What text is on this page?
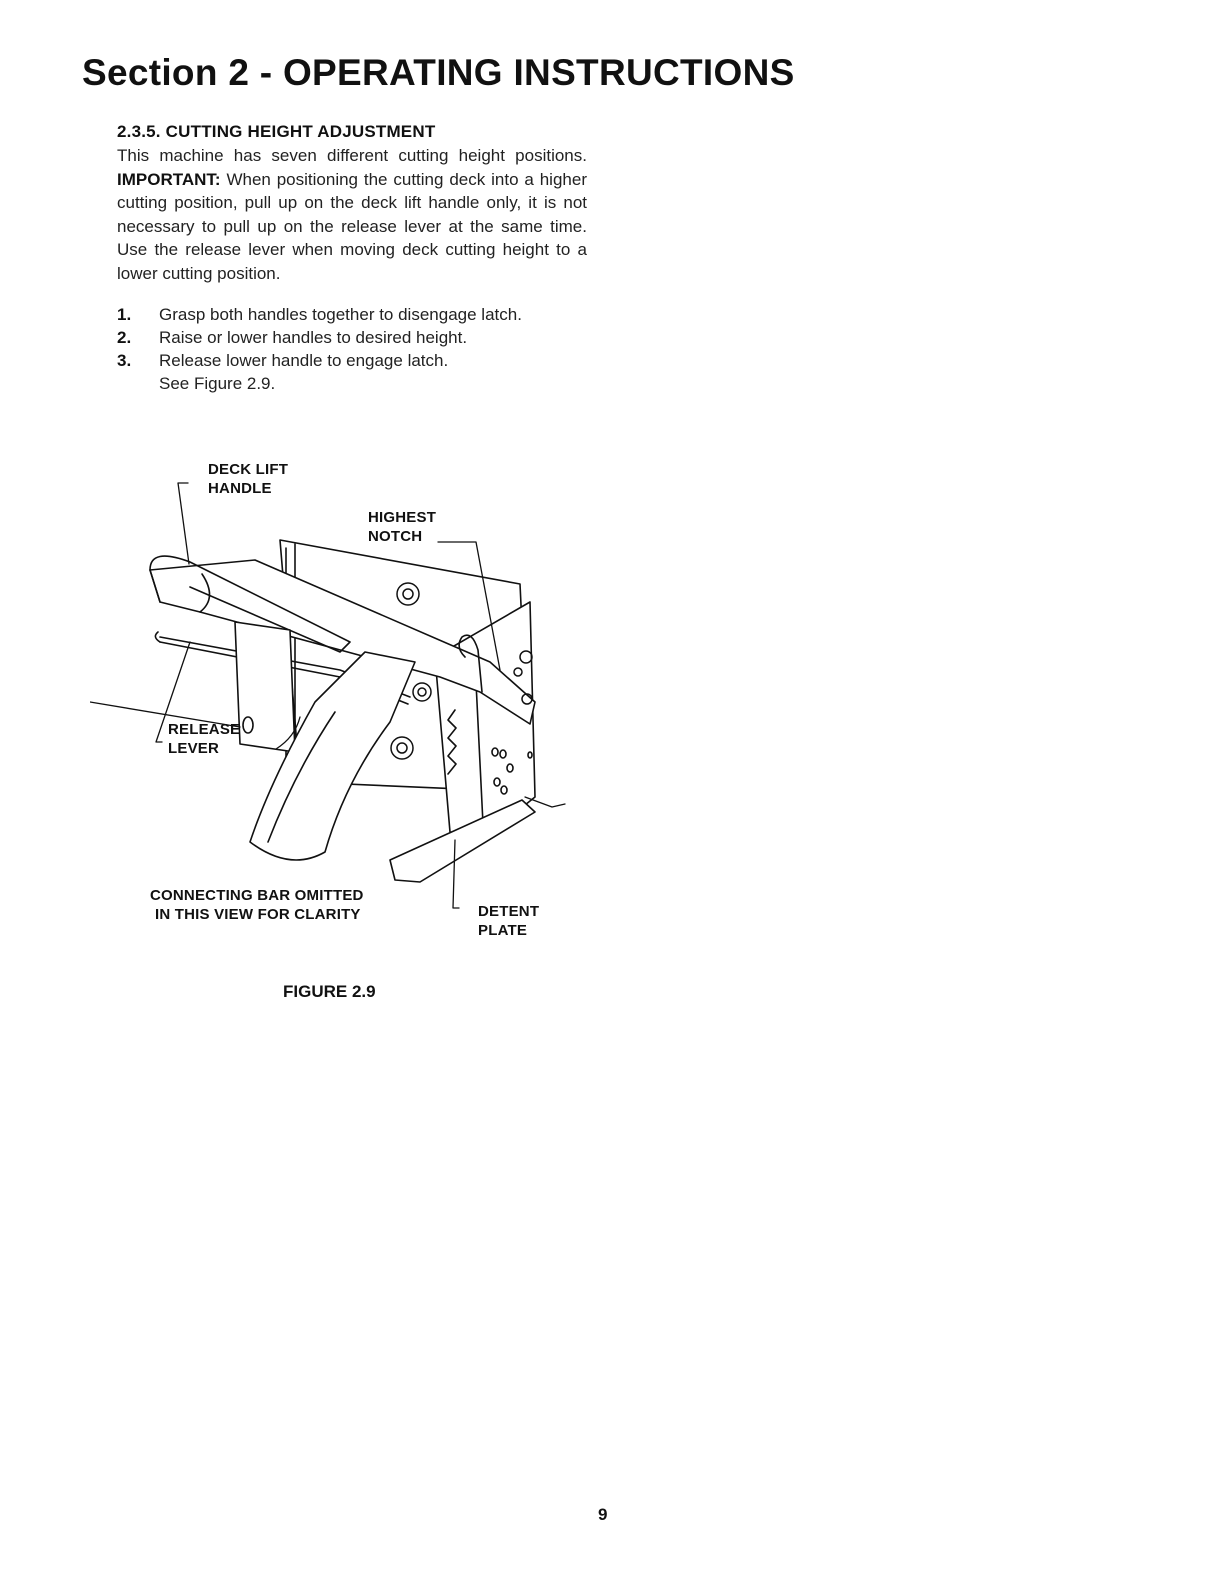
Section 2 - OPERATING INSTRUCTIONS

2.3.5. CUTTING HEIGHT ADJUSTMENT

This machine has seven different cutting height positions. IMPORTANT: When positioning the cutting deck into a higher cutting position, pull up on the deck lift handle only, it is not necessary to pull up on the release lever at the same time. Use the release lever when moving deck cutting height to a lower cutting position.

1.	Grasp both handles together to disengage latch.
2.	Raise or lower handles to desired height.
3.	Release lower handle to engage latch.
See Figure 2.9.
DECK LIFT
HANDLE
HIGHEST
NOTCH
RELEASE
LEVER
CONNECTING BAR OMITTED
IN THIS VIEW FOR CLARITY	DETENT
PLATE
FIGURE 2.9
9
